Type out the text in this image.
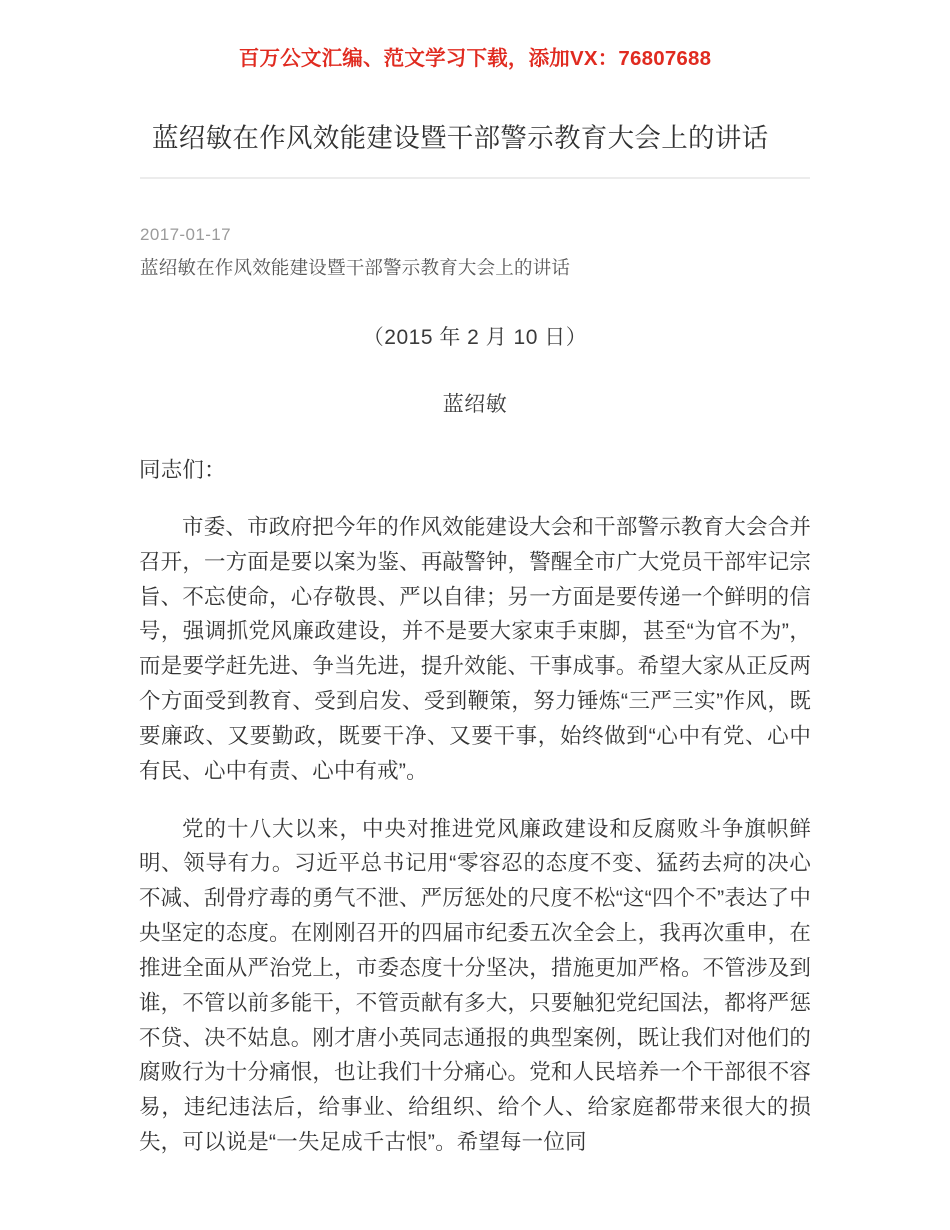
百万公文汇编、范文学习下载，添加VX：76807688
蓝绍敏在作风效能建设暨干部警示教育大会上的讲话
2017-01-17
蓝绍敏在作风效能建设暨干部警示教育大会上的讲话
（2015 年 2 月 10 日）
蓝绍敏

同志们：

市委、市政府把今年的作风效能建设大会和干部警示教育大会合并召开，一方面是要以案为鉴、再敲警钟，警醒全市广大党员干部牢记宗旨、不忘使命，心存敬畏、严以自律；另一方面是要传递一个鲜明的信号，强调抓党风廉政建设，并不是要大家束手束脚，甚至“为官不为”，而是要学赶先进、争当先进，提升效能、干事成事。希望大家从正反两个方面受到教育、受到启发、受到鞭策，努力锤炼“三严三实”作风，既要廉政、又要勤政，既要干净、又要干事，始终做到“心中有党、心中有民、心中有责、心中有戒”。

党的十八大以来，中央对推进党风廉政建设和反腐败斗争旗帜鲜明、领导有力。习近平总书记用“零容忍的态度不变、猛药去疴的决心不减、刮骨疗毒的勇气不泄、严厉惩处的尺度不松“这“四个不”表达了中央坚定的态度。在刚刚召开的四届市纪委五次全会上，我再次重申，在推进全面从严治党上，市委态度十分坚决，措施更加严格。不管涉及到谁，不管以前多能干，不管贡献有多大，只要触犯党纪国法，都将严惩不贷、决不姑息。刚才唐小英同志通报的典型案例，既让我们对他们的腐败行为十分痛恨，也让我们十分痛心。党和人民培养一个干部很不容易，违纪违法后，给事业、给组织、给个人、给家庭都带来很大的损失，可以说是“一失足成千古恨”。希望每一位同
